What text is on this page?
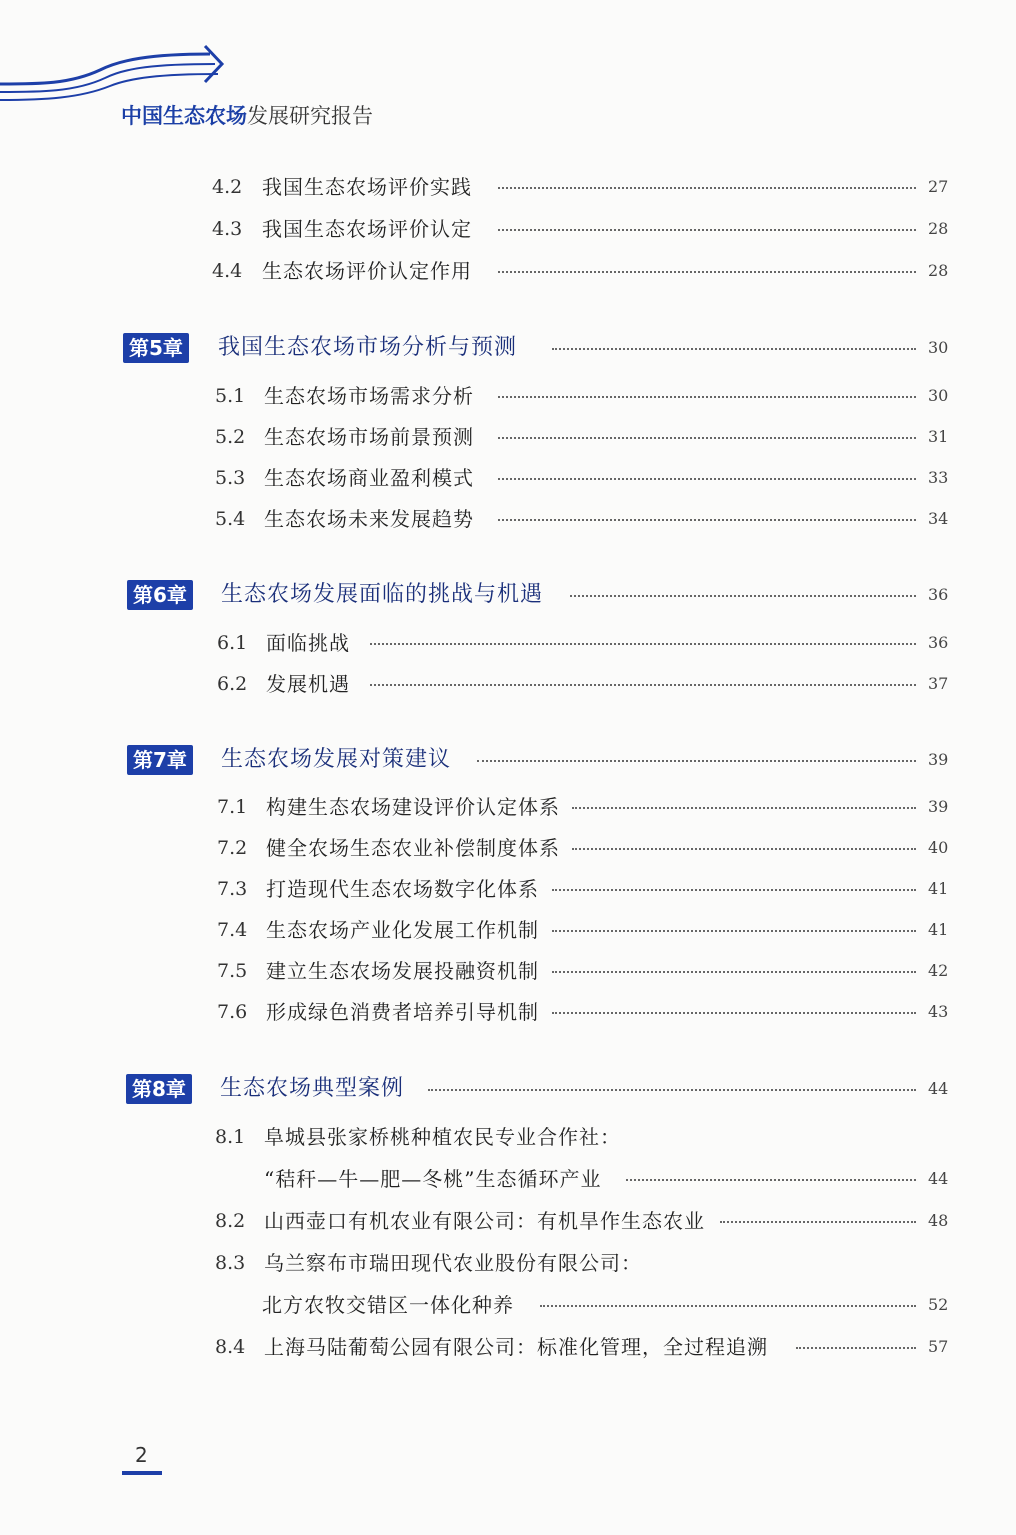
中国生态农场发展研究报告
4.2 我国生态农场评价实践	27
4.3 我国生态农场评价认定	28
4.4 生态农场评价认定作用	28
第5章 我国生态农场市场分析与预测	30
5.1 生态农场市场需求分析	30
5.2 生态农场市场前景预测	31
5.3 生态农场商业盈利模式	33
5.4 生态农场未来发展趋势	34
第6章 生态农场发展面临的挑战与机遇	36
6.1 面临挑战	36
6.2 发展机遇	37
第7章 生态农场发展对策建议	39
7.1 构建生态农场建设评价认定体系	39
7.2 健全农场生态农业补偿制度体系	40
7.3 打造现代生态农场数字化体系	41
7.4 生态农场产业化发展工作机制	41
7.5 建立生态农场发展投融资机制	42
7.6 形成绿色消费者培养引导机制	43
第8章 生态农场典型案例	44
8.1 阜城县张家桥桃种植农民专业合作社：
“秸秆—牛—肥—冬桃”生态循环产业	44
8.2 山西壶口有机农业有限公司：有机旱作生态农业	48
8.3 乌兰察布市瑞田现代农业股份有限公司：
北方农牧交错区一体化种养	52
8.4 上海马陆葡萄公园有限公司：标准化管理，全过程追溯	57
2
